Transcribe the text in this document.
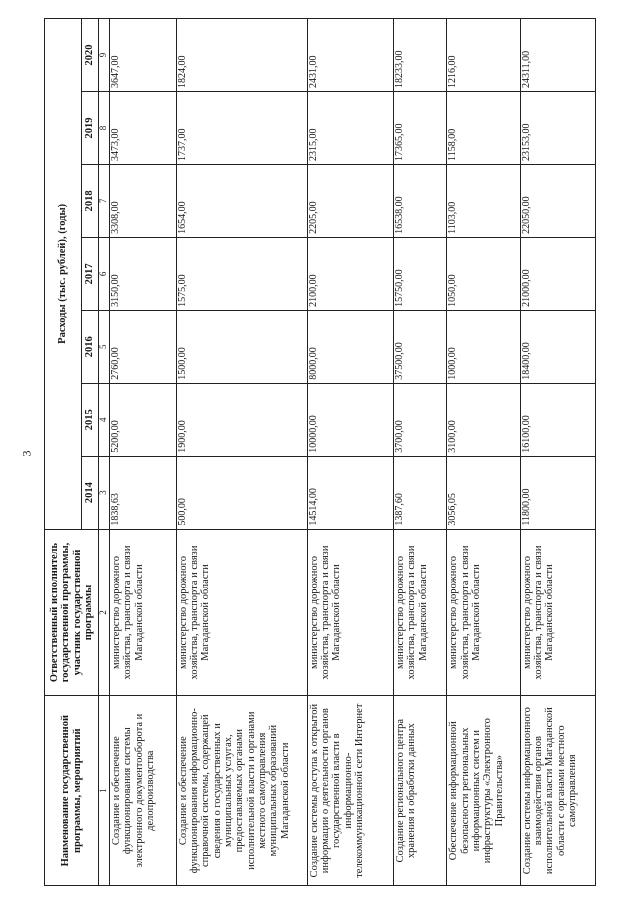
3
Наименование государственной программы, мероприятий	Ответственный исполнитель государственной программы, участник государственной программы	Расходы (тыс. рублей), (годы)						
		2014	2015	2016	2017	2018	2019	2020
1	2	3	4	5	6	7	8	9
Создание и обеспечение функционирования системы электронного документооборота и делопроизводства	министерство дорожного хозяйства, транспорта и связи Магаданской области	1838,63	5200,00	2760,00	3150,00	3308,00	3473,00	3647,00
Создание и обеспечение функционирования информационно-справочной системы, содержащей сведения о государственных и муниципальных услугах, предоставляемых органами исполнительной власти и органами местного самоуправления муниципальных образований Магаданской области	министерство дорожного хозяйства, транспорта и связи Магаданской области	500,00	1900,00	1500,00	1575,00	1654,00	1737,00	1824,00
Создание системы доступа к открытой информации о деятельности органов государственной власти в информационно-телекоммуникационной сети Интернет	министерство дорожного хозяйства, транспорта и связи Магаданской области	14514,00	10000,00	8000,00	2100,00	2205,00	2315,00	2431,00
Создание регионального центра хранения и обработки данных	министерство дорожного хозяйства, транспорта и связи Магаданской области	1387,60	3700,00	37500,00	15750,00	16538,00	17365,00	18233,00
Обеспечение информационной безопасности региональных информационных систем и инфраструктуры «Электронного Правительства»	министерство дорожного хозяйства, транспорта и связи Магаданской области	3056,05	3100,00	1000,00	1050,00	1103,00	1158,00	1216,00
Создание системы информационного взаимодействия органов исполнительной власти Магаданской области с органами местного самоуправления	министерство дорожного хозяйства, транспорта и связи Магаданской области	11800,00	16100,00	18400,00	21000,00	22050,00	23153,00	24311,00
